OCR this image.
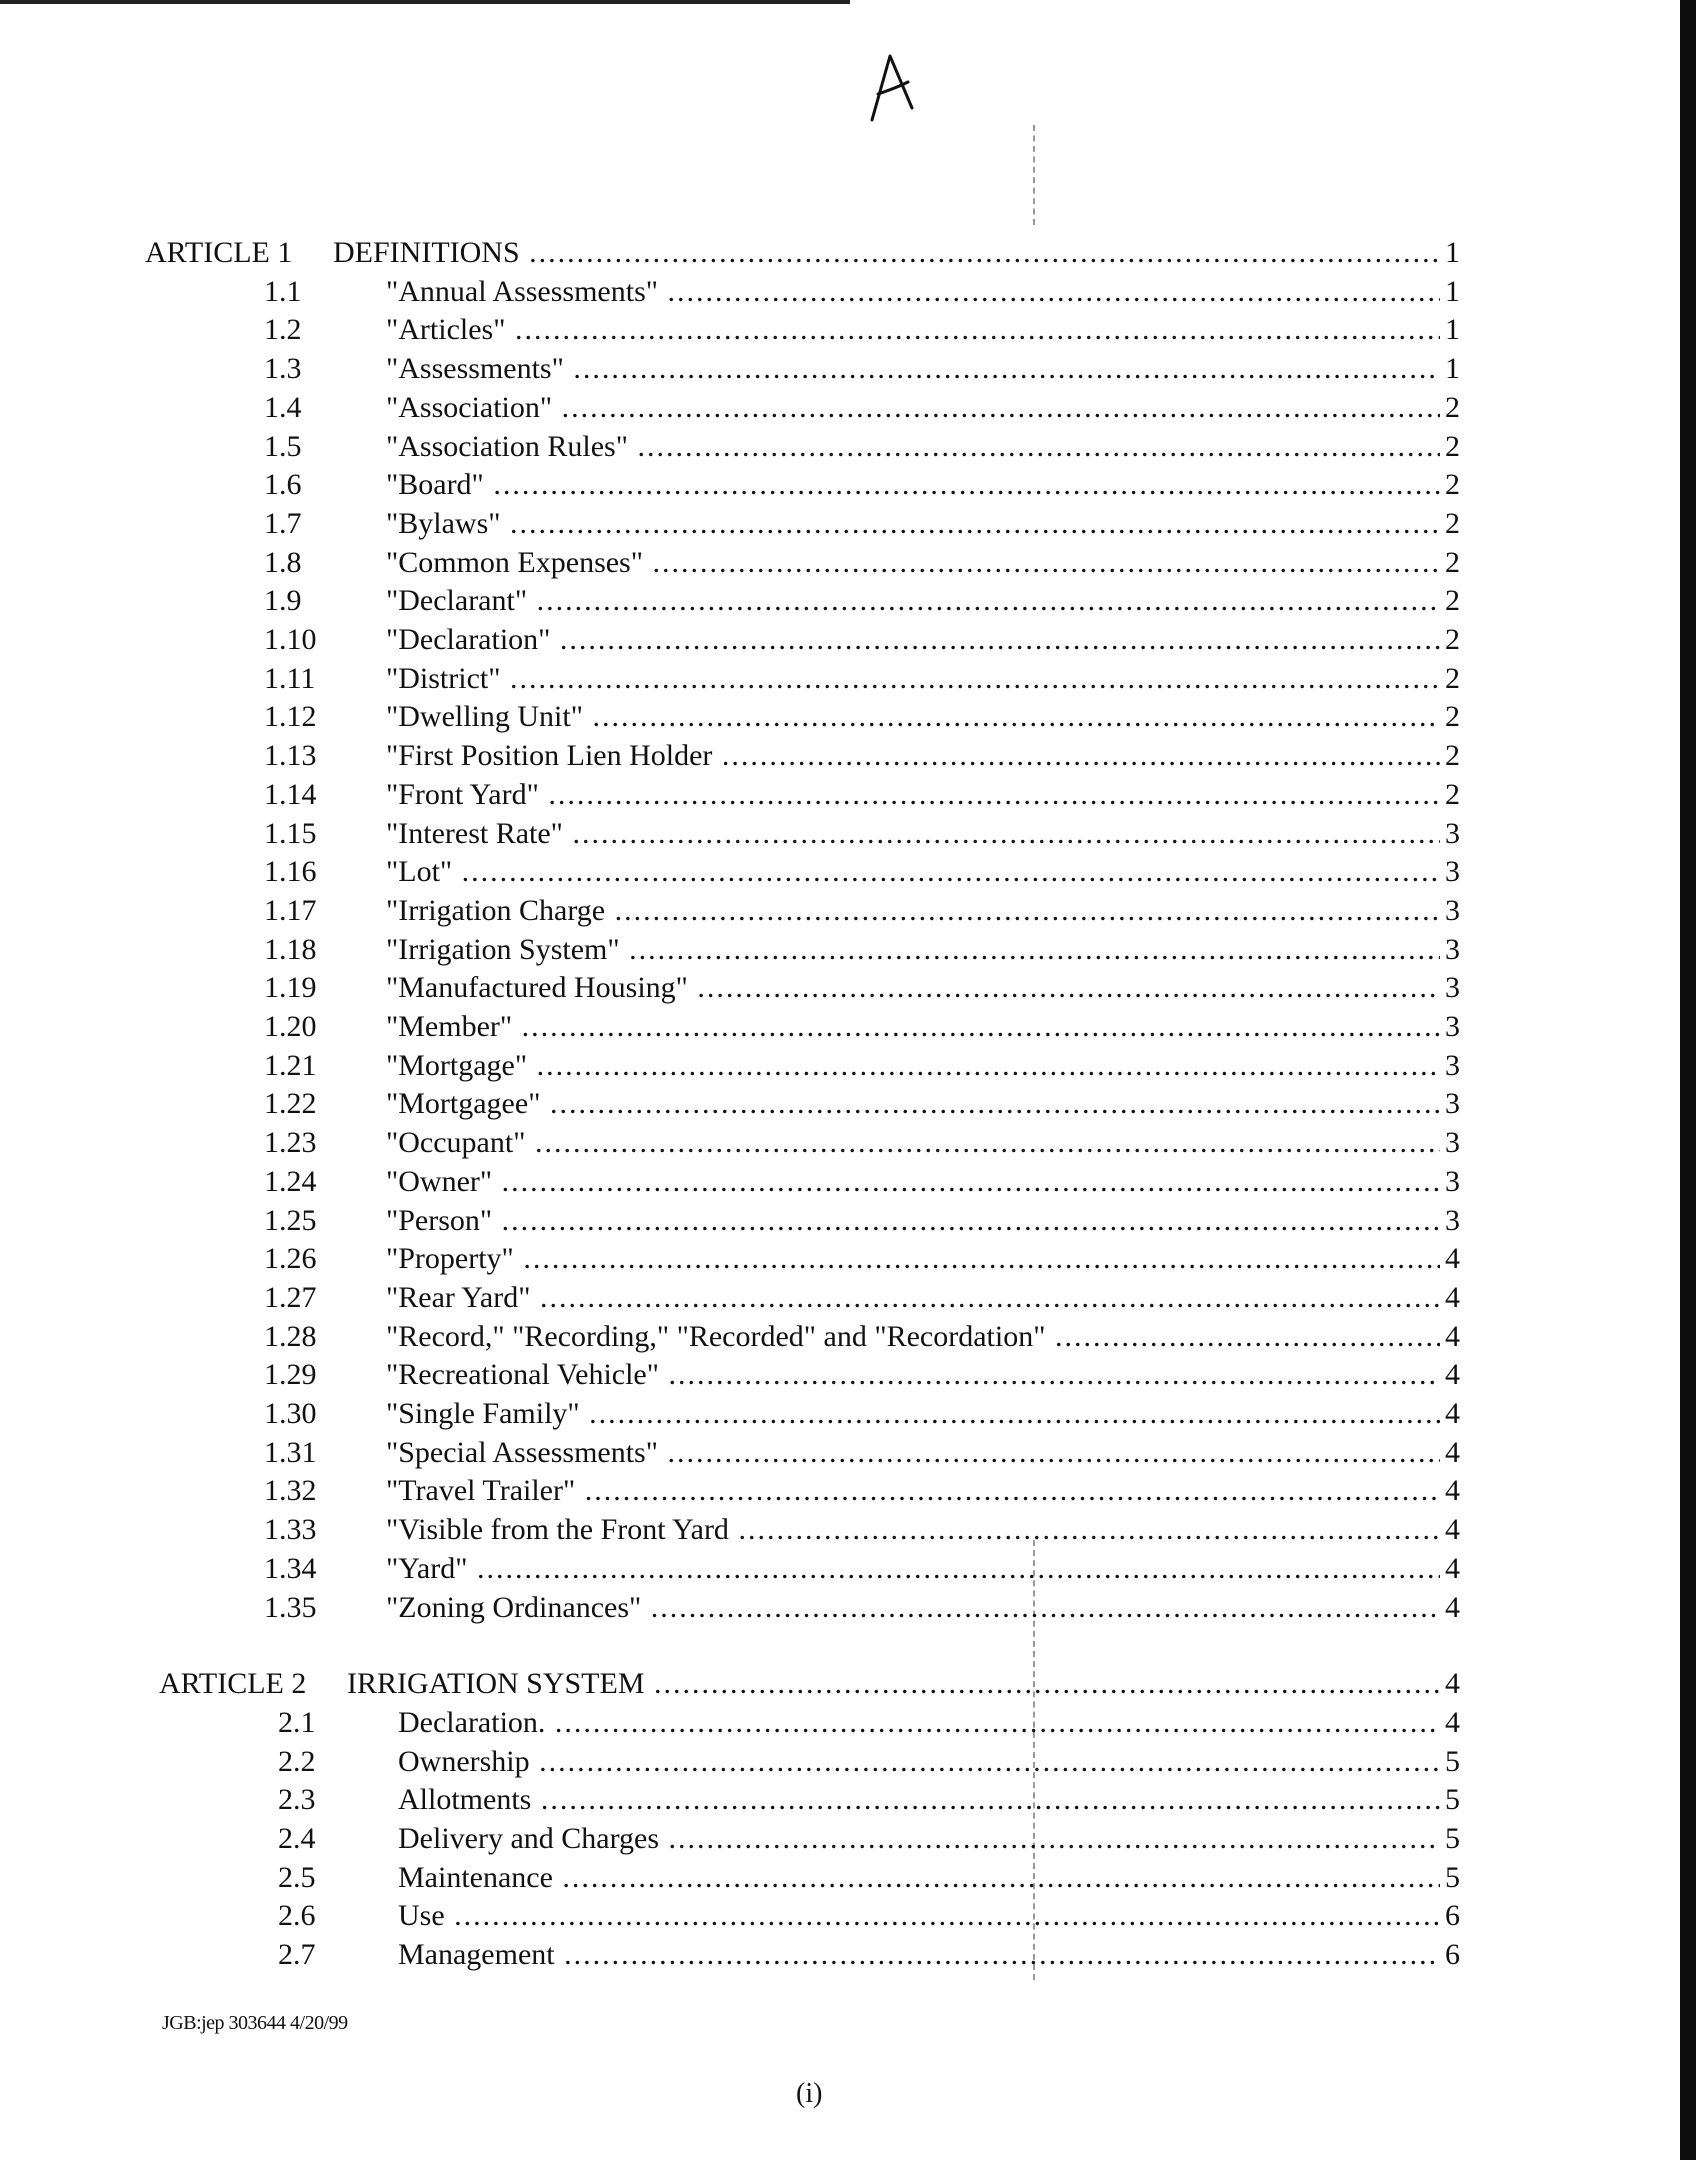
ARTICLE 1 DEFINITIONS .....	1
1.1	"Annual Assessments" .....	1
1.2	"Articles" .....	1
1.3	"Assessments" .....	1
1.4	"Association" .....	2
1.5	"Association Rules" .....	2
1.6	"Board" .....	2
1.7	"Bylaws" .....	2
1.8	"Common Expenses" .....	2
1.9	"Declarant" .....	2
1.10 "Declaration" .....	2
1.11 "District" .....	2
1.12 "Dwelling Unit" .....	2
1.13 "First Position Lien Holder .....	2
1.14 "Front Yard" .....	2
1.15 "Interest Rate" .....	3
1.16 "Lot" .....	3
1.17 "Irrigation Charge .....	3
1.18 "Irrigation System" .....	3
1.19 "Manufactured Housing" .....	3
1.20 "Member" .....	3
1.21 "Mortgage" .....	3
1.22 "Mortgagee" .....	3
1.23 "Occupant" .....	3
1.24 "Owner" .....	3
1.25 "Person" .....	3
1.26 "Property" .....	4
1.27 "Rear Yard" .....	4
1.28 "Record," "Recording," "Recorded" and "Recordation" .....	4
1.29 "Recreational Vehicle" .....	4
1.30 "Single Family" .....	4
1.31 "Special Assessments" .....	4
1.32 "Travel Trailer" .....	4
1.33 "Visible from the Front Yard .....	4
1.34 "Yard" .....	4
1.35 "Zoning Ordinances" .....	4
ARTICLE 2 IRRIGATION SYSTEM .....	4
2.1	Declaration. .....	4
2.2	Ownership .....	5
2.3	Allotments .....	5
2.4	Delivery and Charges .....	5
2.5	Maintenance .....	5
2.6	Use .....	6
2.7	Management .....	6
JGB:jep 303644 4/20/99
(i)
